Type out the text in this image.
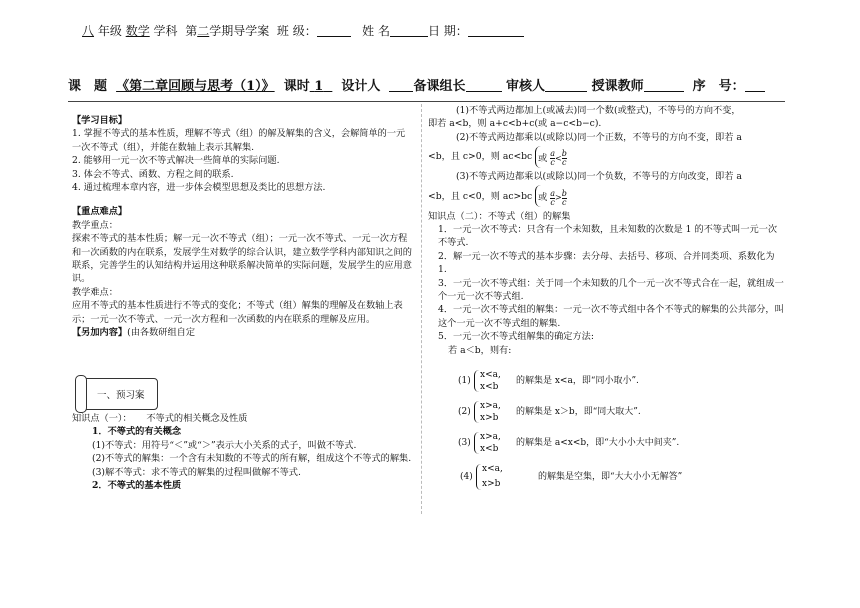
八 年级 数学 学科 第二学期导学案 班 级：	姓 名	日 期：
课　题 《第二章回顾与思考（1）》 课时 1 设计人	备课组长	审核人	授课教师	序　号：

【学习目标】

1. 掌握不等式的基本性质，理解不等式（组）的解及解集的含义，会解简单的一元一次不等式（组），并能在数轴上表示其解集.

2. 能够用一元一次不等式解决一些简单的实际问题.

3. 体会不等式、函数、方程之间的联系.

4. 通过梳理本章内容，进一步体会模型思想及类比的思想方法.

【重点难点】

教学重点：

探索不等式的基本性质；解一元一次不等式（组）；一元一次不等式、一元一次方程和一次函数的内在联系，发展学生对数学的综合认识，建立数学学科内部知识之间的联系，完善学生的认知结构并运用这种联系解决简单的实际问题，发展学生的应用意识。

教学难点：

应用不等式的基本性质进行不等式的变化；不等式（组）解集的理解及在数轴上表示；一元一次不等式、一元一次方程和一次函数的内在联系的理解及应用。

【另加内容】(由各数研组自定

一、预习案

知识点（一）： 不等式的相关概念及性质

1．不等式的有关概念

(1)不等式：用符号“＜”或“＞”表示大小关系的式子，叫做不等式.

(2)不等式的解集：一个含有未知数的不等式的所有解，组成这个不等式的解集.

(3)解不等式：求不等式的解集的过程叫做解不等式.

2．不等式的基本性质

(1)不等式两边都加上(或减去)同一个数(或整式)，不等号的方向不变，

即若 a<b，则 a+c<b+c(或 a−c<b−c).

(2)不等式两边都乘以(或除以)同一个正数，不等号的方向不变，即若 a

<b，且 c>0，则 ac<bc 或 $\frac{a}{c} < \frac{b}{c}$

(3)不等式两边都乘以(或除以)同一个负数，不等号的方向改变，即若 a

<b，且 c<0，则 ac>bc 或 $\frac{a}{c} > \frac{b}{c}$

知识点（二）：不等式（组）的解集

1．一元一次不等式：只含有一个未知数，且未知数的次数是 1 的不等式叫一元一次不等式.

2．解一元一次不等式的基本步骤：去分母、去括号、移项、合并同类项、系数化为 1.

3．一元一次不等式组：关于同一个未知数的几个一元一次不等式合在一起，就组成一个一元一次不等式组.

4．一元一次不等式组的解集：一元一次不等式组中各个不等式的解集的公共部分，叫这个一元一次不等式组的解集.

5．一元一次不等式组解集的确定方法:

若 a＜b，则有:

(1)
x<a,
x<b
的解集是 x<a，即“同小取小”.
(2)
x>a,
x>b
的解集是 x＞b，即“同大取大”.
(3)
x>a,
x<b
的解集是 a<x<b，即“大小小大中间夹”.
(4)
x<a,
x>b
的解集是空集，即“大大小小无解答”
